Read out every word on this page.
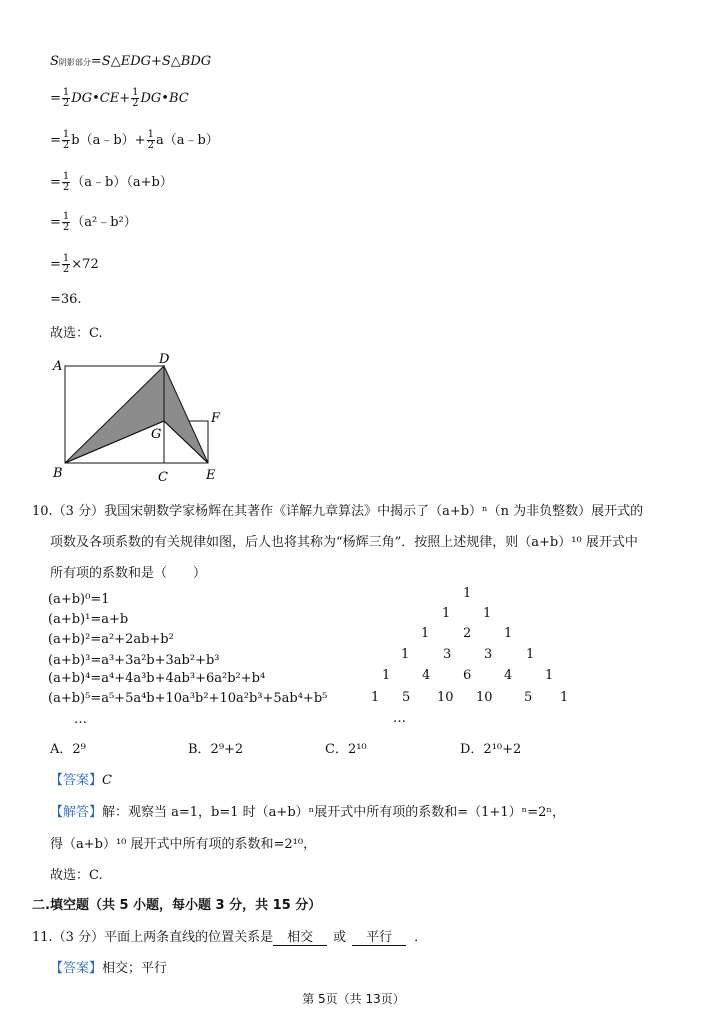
S阴影部分=S△EDG+S△BDG
= $\frac{1}{2}$ DG•CE+ $\frac{1}{2}$ DG•BC
= $\frac{1}{2}$ b（a﹣b）+ $\frac{1}{2}$ a（a﹣b）
= $\frac{1}{2}$ （a﹣b）（a+b）
= $\frac{1}{2}$ （a²﹣b²）
= $\frac{1}{2} \times 72$
=36.
故选：C.
A	D
F
G
B	C	E
10.（3 分）我国宋朝数学家杨辉在其著作《详解九章算法》中揭示了（a+b）ⁿ（n 为非负整数）展开式的
项数及各项系数的有关规律如图，后人也将其称为“杨辉三角”．按照上述规律，则（a+b）¹⁰ 展开式中
所有项的系数和是（　　）
(a+b)⁰=1
(a+b)¹=a+b
(a+b)²=a²+2ab+b²
(a+b)³=a³+3a²b+3ab²+b³
(a+b)⁴=a⁴+4a³b+4ab³+6a²b²+b⁴
(a+b)⁵=a⁵+5a⁴b+10a³b²+10a²b³+5ab⁴+b⁵
…
1
1	1
1	2	1
1	3	3	1
1 4	6	4	1
1 5 10 10 5 1
…
A．2⁹	B．2⁹+2	C．2¹⁰	D．2¹⁰+2
【答案】C
【解答】解：观察当 a=1，b=1 时（a+b）ⁿ展开式中所有项的系数和=（1+1）ⁿ=2ⁿ，
得（a+b）¹⁰ 展开式中所有项的系数和=2¹⁰，
故选：C.
二.填空题（共 5 小题，每小题 3 分，共 15 分）
11.（3 分）平面上两条直线的位置关系是 相交 或 平行 ．
【答案】相交；平行
第 5页（共 13页）
